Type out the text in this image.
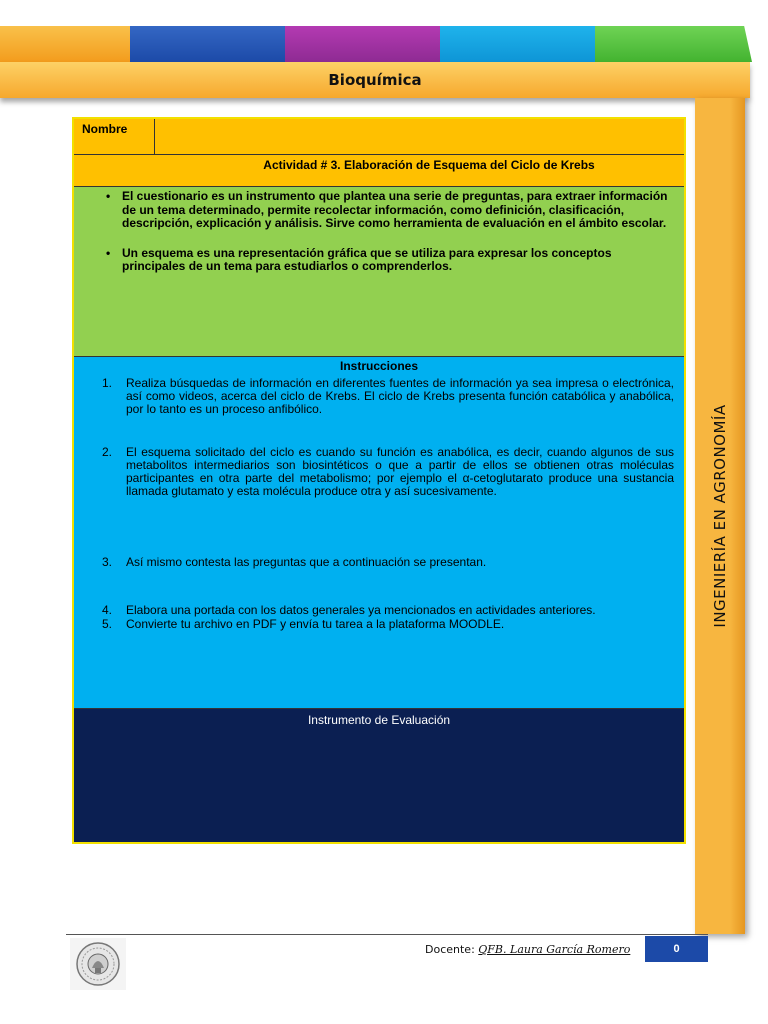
Bioquímica
INGENIERÍA EN AGRONOMÍA
Nombre
Actividad # 3. Elaboración de Esquema del Ciclo de Krebs
• El cuestionario es un instrumento que plantea una serie de preguntas, para extraer información de un tema determinado, permite recolectar información, como definición, clasificación, descripción, explicación y análisis. Sirve como herramienta de evaluación en el ámbito escolar.
• Un esquema es una representación gráfica que se utiliza para expresar los conceptos principales de un tema para estudiarlos o comprenderlos.
Instrucciones
1. Realiza búsquedas de información en diferentes fuentes de información ya sea impresa o electrónica, así como videos, acerca del ciclo de Krebs. El ciclo de Krebs presenta función catabólica y anabólica, por lo tanto es un proceso anfibólico.
2. El esquema solicitado del ciclo es cuando su función es anabólica, es decir, cuando algunos de sus metabolitos intermediarios son biosintéticos o que a partir de ellos se obtienen otras moléculas participantes en otra parte del metabolismo; por ejemplo el α-cetoglutarato produce una sustancia llamada glutamato y esta molécula produce otra y así sucesivamente.
3. Así mismo contesta las preguntas que a continuación se presentan.
4. Elabora una portada con los datos generales ya mencionados en actividades anteriores.
5. Convierte tu archivo en PDF y envía tu tarea a la plataforma MOODLE.
Instrumento de Evaluación
Docente: QFB. Laura García Romero	0
